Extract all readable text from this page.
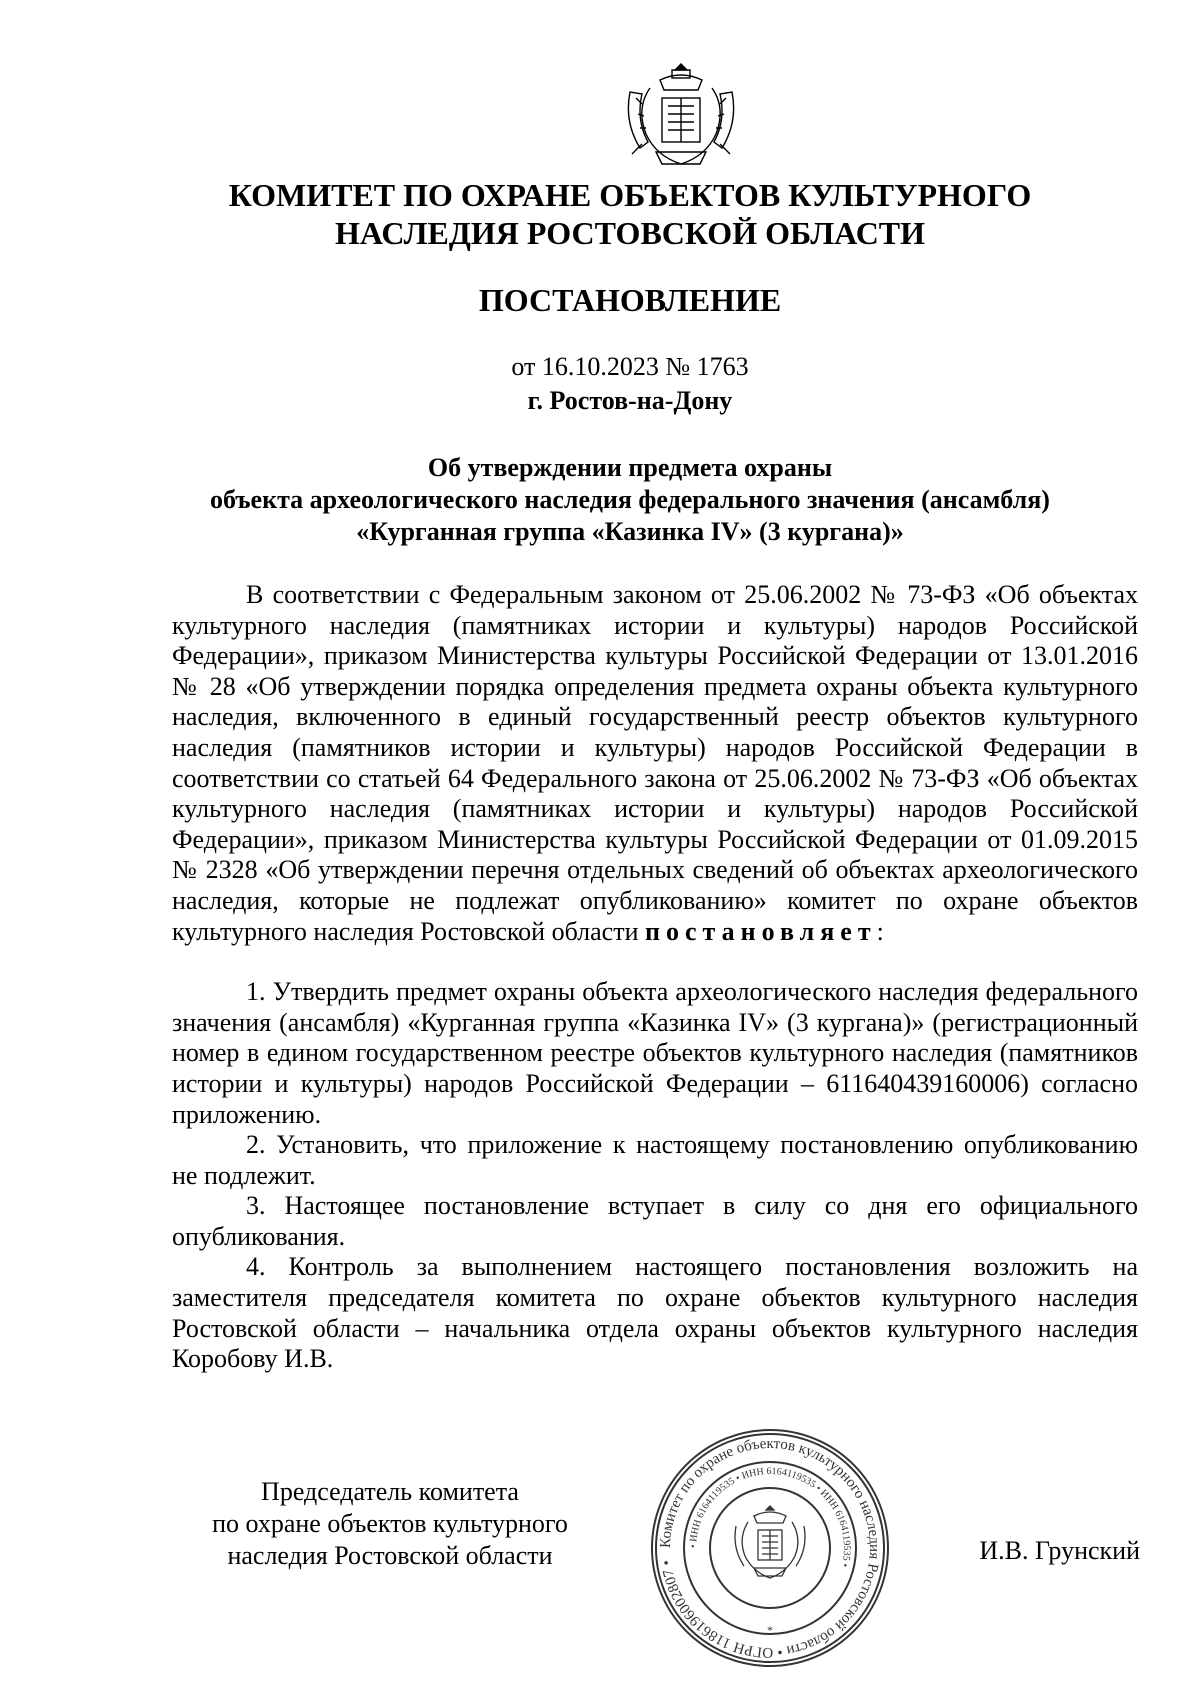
КОМИТЕТ ПО ОХРАНЕ ОБЪЕКТОВ КУЛЬТУРНОГО
НАСЛЕДИЯ РОСТОВСКОЙ ОБЛАСТИ
ПОСТАНОВЛЕНИЕ
от 16.10.2023 № 1763
г. Ростов-на-Дону
Об утверждении предмета охраны
объекта археологического наследия федерального значения (ансамбля)
«Курганная группа «Казинка IV» (3 кургана)»

В соответствии с Федеральным законом от 25.06.2002 № 73-ФЗ «Об объектах культурного наследия (памятниках истории и культуры) народов Российской Федерации», приказом Министерства культуры Российской Федерации от 13.01.2016 № 28 «Об утверждении порядка определения предмета охраны объекта культурного наследия, включенного в единый государственный реестр объектов культурного наследия (памятников истории и культуры) народов Российской Федерации в соответствии со статьей 64 Федерального закона от 25.06.2002 № 73-ФЗ «Об объектах культурного наследия (памятниках истории и культуры) народов Российской Федерации», приказом Министерства культуры Российской Федерации от 01.09.2015 № 2328 «Об утверждении перечня отдельных сведений об объектах археологического наследия, которые не подлежат опубликованию» комитет по охране объектов культурного наследия Ростовской области постановляет:

1. Утвердить предмет охраны объекта археологического наследия федерального значения (ансамбля) «Курганная группа «Казинка IV» (3 кургана)» (регистрационный номер в едином государственном реестре объектов культурного наследия (памятников истории и культуры) народов Российской Федерации – 611640439160006) согласно приложению.

2. Установить, что приложение к настоящему постановлению опубликованию не подлежит.

3. Настоящее постановление вступает в силу со дня его официального опубликования.

4. Контроль за выполнением настоящего постановления возложить на заместителя председателя комитета по охране объектов культурного наследия Ростовской области – начальника отдела охраны объектов культурного наследия Коробову И.В.

Председатель комитета
по охране объектов культурного
наследия Ростовской области	Комитет по охране объектов культурного наследия Ростовской области • ОГРН 1186196002807 •
• ИНН 6164119535 • ИНН 6164119535 • ИНН 6164119535 •
*
И.В. Грунский
